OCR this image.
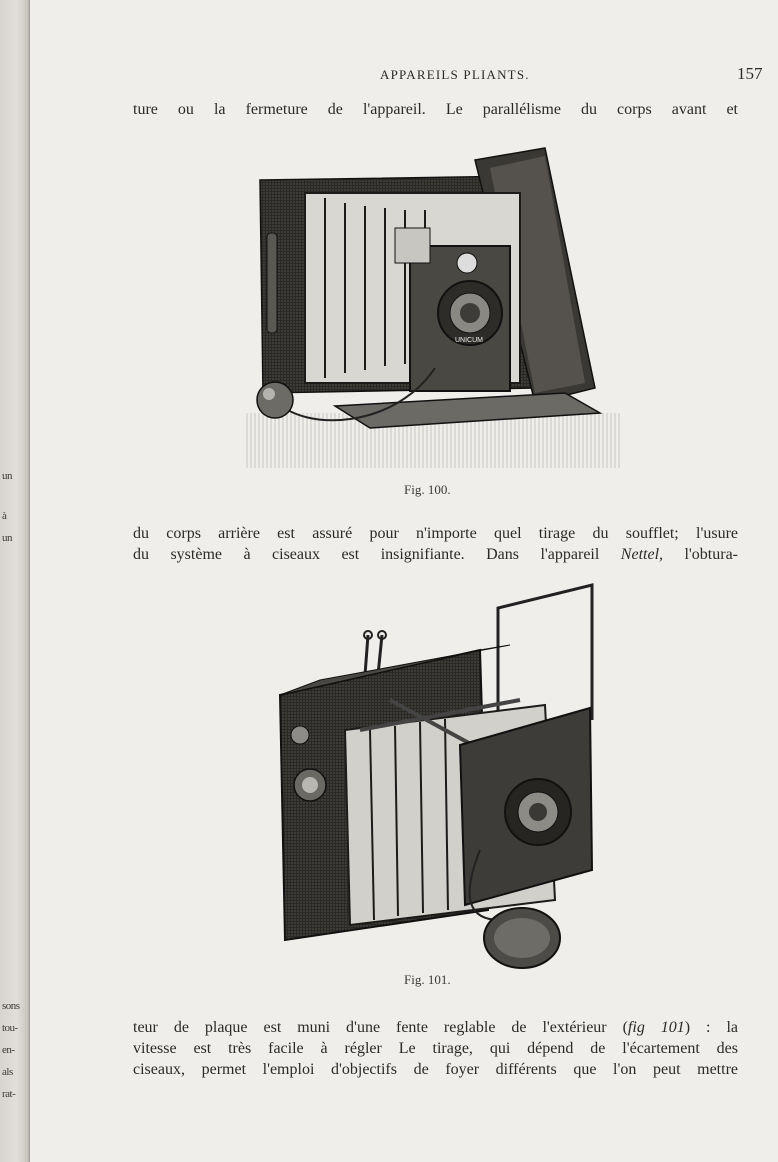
un
à
un
sons
tou-
en-
als
rat-
APPAREILS PLIANTS.	157
ture ou la fermeture de l'appareil. Le parallélisme du corps avant et
UNICUM
Fig. 100.
du corps arrière est assuré pour n'importe quel tirage du soufflet; l'usure
du système à ciseaux est insignifiante. Dans l'appareil Nettel, l'obtura-
Fig. 101.
teur de plaque est muni d'une fente reglable de l'extérieur (fig 101) : la
vitesse est très facile à régler Le tirage, qui dépend de l'écartement des
ciseaux, permet l'emploi d'objectifs de foyer différents que l'on peut mettre
